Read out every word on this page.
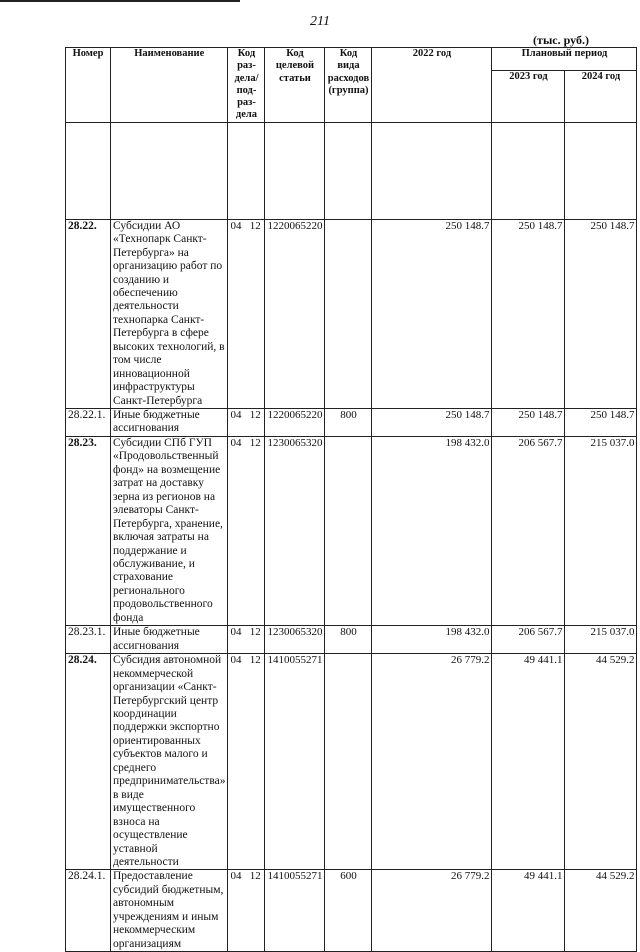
211
(тыс. руб.)
Номер	Наименование	Код раз-дела/ под-раз-дела	Код целевой статьи	Код вида расходов (группа)	2022 год	Плановый период	
						2023 год	2024 год

28.22.	Субсидии АО «Технопарк Санкт-Петербурга» на организацию работ по созданию и обеспечению деятельности технопарка Санкт-Петербурга в сфере высоких технологий, в том числе инновационной инфраструктуры Санкт-Петербурга	04   12	1220065220		250 148.7	250 148.7	250 148.7
28.22.1.	Иные бюджетные ассигнования	04   12	1220065220	800	250 148.7	250 148.7	250 148.7
28.23.	Субсидии СПб ГУП «Продовольственный фонд» на возмещение затрат на доставку зерна из регионов на элеваторы Санкт-Петербурга, хранение, включая затраты на поддержание и обслуживание, и страхование регионального продовольственного фонда	04   12	1230065320		198 432.0	206 567.7	215 037.0
28.23.1.	Иные бюджетные ассигнования	04   12	1230065320	800	198 432.0	206 567.7	215 037.0
28.24.	Субсидия автономной некоммерческой организации «Санкт-Петербургский центр координации поддержки экспортно ориентированных субъектов малого и среднего предпринимательства» в виде имущественного взноса на осуществление уставной деятельности	04   12	1410055271		26 779.2	49 441.1	44 529.2
28.24.1.	Предоставление субсидий бюджетным, автономным учреждениям и иным некоммерческим организациям	04   12	1410055271	600	26 779.2	49 441.1	44 529.2
